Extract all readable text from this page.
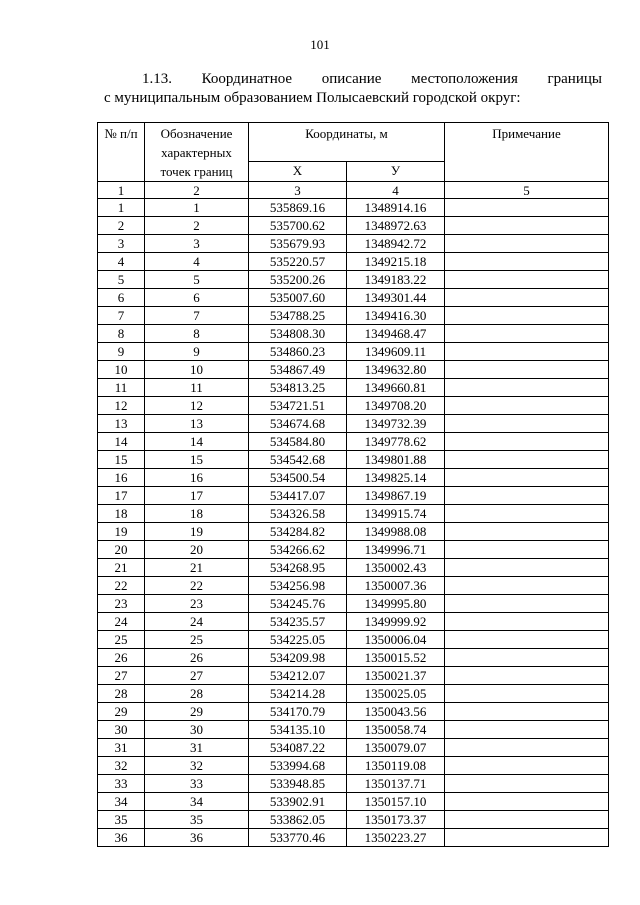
101
1.13. Координатное описание местоположения границы
с муниципальным образованием Полысаевский городской округ:
№ п/п	Обозначение характерных точек границ	Координаты, м		Примечание
		Х	У	
1	2	3	4	5
1	1	535869.16	1348914.16	
2	2	535700.62	1348972.63	
3	3	535679.93	1348942.72	
4	4	535220.57	1349215.18	
5	5	535200.26	1349183.22	
6	6	535007.60	1349301.44	
7	7	534788.25	1349416.30	
8	8	534808.30	1349468.47	
9	9	534860.23	1349609.11	
10	10	534867.49	1349632.80	
11	11	534813.25	1349660.81	
12	12	534721.51	1349708.20	
13	13	534674.68	1349732.39	
14	14	534584.80	1349778.62	
15	15	534542.68	1349801.88	
16	16	534500.54	1349825.14	
17	17	534417.07	1349867.19	
18	18	534326.58	1349915.74	
19	19	534284.82	1349988.08	
20	20	534266.62	1349996.71	
21	21	534268.95	1350002.43	
22	22	534256.98	1350007.36	
23	23	534245.76	1349995.80	
24	24	534235.57	1349999.92	
25	25	534225.05	1350006.04	
26	26	534209.98	1350015.52	
27	27	534212.07	1350021.37	
28	28	534214.28	1350025.05	
29	29	534170.79	1350043.56	
30	30	534135.10	1350058.74	
31	31	534087.22	1350079.07	
32	32	533994.68	1350119.08	
33	33	533948.85	1350137.71	
34	34	533902.91	1350157.10	
35	35	533862.05	1350173.37	
36	36	533770.46	1350223.27	
